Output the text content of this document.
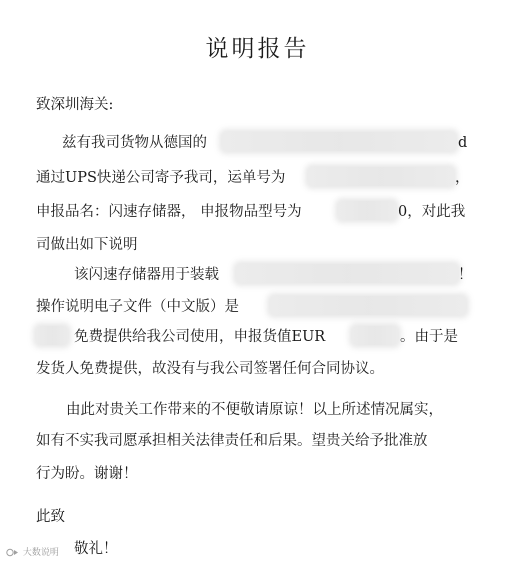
说明报告
致深圳海关:
兹有我司货物从德国的	d
通过UPS快递公司寄予我司，运单号为	，
申报品名：闪速存储器， 申报物品型号为	0，对此我
司做出如下说明
该闪速存储器用于装载	！
操作说明电子文件（中文版）是
免费提供给我公司使用，申报货值EUR	。由于是
发货人免费提供，故没有与我公司签署任何合同协议。
由此对贵关工作带来的不便敬请原谅！以上所述情况属实，
如有不实我司愿承担相关法律责任和后果。望贵关给予批准放
行为盼。谢谢！
此致
敬礼！
大数说明
